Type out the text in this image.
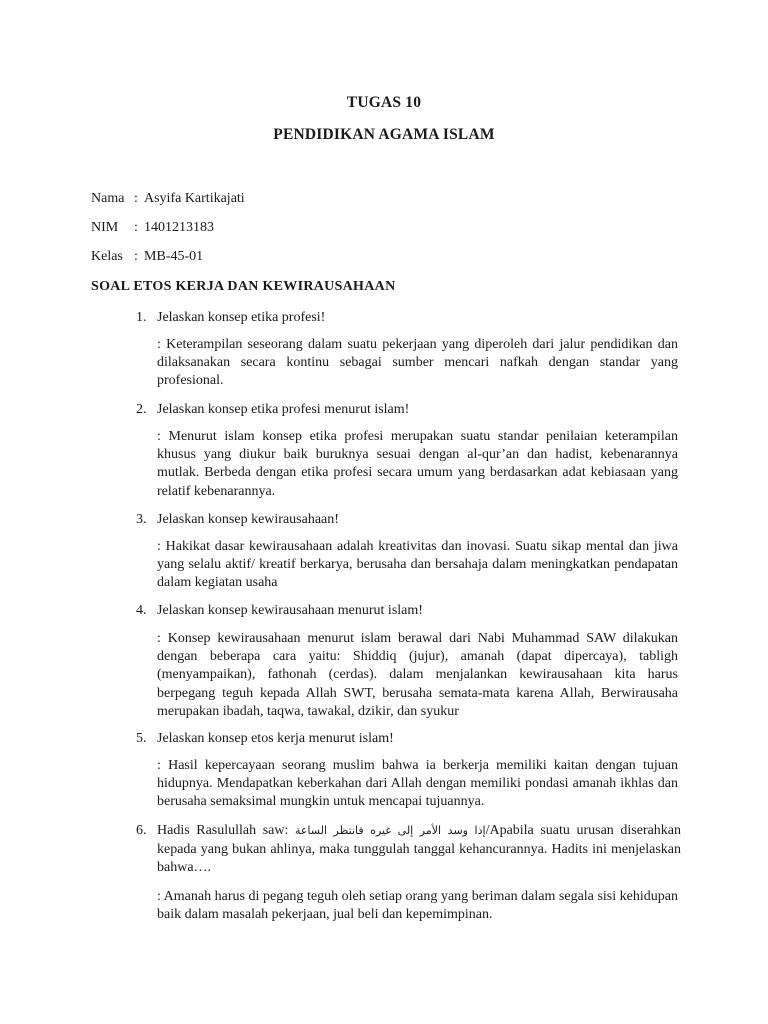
TUGAS 10
PENDIDIKAN AGAMA ISLAM
Nama : Asyifa Kartikajati
NIM	: 1401213183
Kelas : MB-45-01
SOAL ETOS KERJA DAN KEWIRAUSAHAAN
1. Jelaskan konsep etika profesi!
: Keterampilan seseorang dalam suatu pekerjaan yang diperoleh dari jalur pendidikan dan dilaksanakan secara kontinu sebagai sumber mencari nafkah dengan standar yang profesional.
2. Jelaskan konsep etika profesi menurut islam!
: Menurut islam konsep etika profesi merupakan suatu standar penilaian keterampilan khusus yang diukur baik buruknya sesuai dengan al-qur’an dan hadist, kebenarannya mutlak. Berbeda dengan etika profesi secara umum yang berdasarkan adat kebiasaan yang relatif kebenarannya.
3. Jelaskan konsep kewirausahaan!
: Hakikat dasar kewirausahaan adalah kreativitas dan inovasi. Suatu sikap mental dan jiwa yang selalu aktif/ kreatif berkarya, berusaha dan bersahaja dalam meningkatkan pendapatan dalam kegiatan usaha
4. Jelaskan konsep kewirausahaan menurut islam!
: Konsep kewirausahaan menurut islam berawal dari Nabi Muhammad SAW dilakukan dengan beberapa cara yaitu: Shiddiq (jujur), amanah (dapat dipercaya), tabligh (menyampaikan), fathonah (cerdas). dalam menjalankan kewirausahaan kita harus berpegang teguh kepada Allah SWT, berusaha semata-mata karena Allah, Berwirausaha merupakan ibadah, taqwa, tawakal, dzikir, dan syukur
5. Jelaskan konsep etos kerja menurut islam!
: Hasil kepercayaan seorang muslim bahwa ia berkerja memiliki kaitan dengan tujuan hidupnya. Mendapatkan keberkahan dari Allah dengan memiliki pondasi amanah ikhlas dan berusaha semaksimal mungkin untuk mencapai tujuannya.
6. Hadis Rasulullah saw: إذا وسد الأمر إلى غيره فانتظر الساعة/Apabila suatu urusan diserahkan kepada yang bukan ahlinya, maka tunggulah tanggal kehancurannya. Hadits ini menjelaskan bahwa….
: Amanah harus di pegang teguh oleh setiap orang yang beriman dalam segala sisi kehidupan baik dalam masalah pekerjaan, jual beli dan kepemimpinan.
